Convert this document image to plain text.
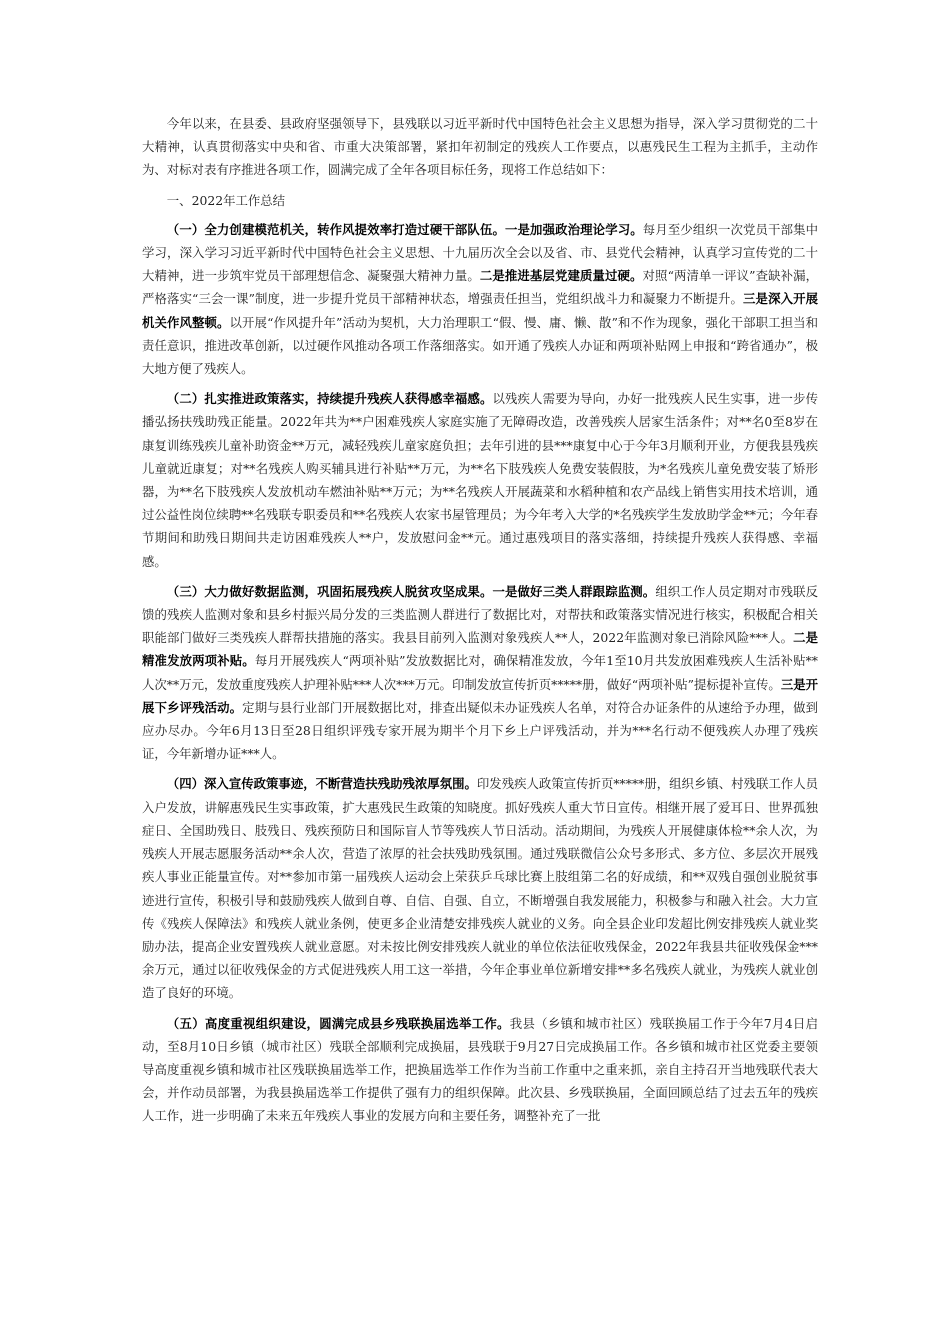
今年以来，在县委、县政府坚强领导下，县残联以习近平新时代中国特色社会主义思想为指导，深入学习贯彻党的二十大精神，认真贯彻落实中央和省、市重大决策部署，紧扣年初制定的残疾人工作要点，以惠残民生工程为主抓手，主动作为、对标对表有序推进各项工作，圆满完成了全年各项目标任务，现将工作总结如下：

一、2022年工作总结

（一）全力创建模范机关，转作风提效率打造过硬干部队伍。一是加强政治理论学习。每月至少组织一次党员干部集中学习，深入学习习近平新时代中国特色社会主义思想、十九届历次全会以及省、市、县党代会精神，认真学习宣传党的二十大精神，进一步筑牢党员干部理想信念、凝聚强大精神力量。二是推进基层党建质量过硬。对照“两清单一评议”查缺补漏，严格落实“三会一课”制度，进一步提升党员干部精神状态，增强责任担当，党组织战斗力和凝聚力不断提升。三是深入开展机关作风整顿。以开展“作风提升年”活动为契机，大力治理职工“假、慢、庸、懒、散”和不作为现象，强化干部职工担当和责任意识，推进改革创新，以过硬作风推动各项工作落细落实。如开通了残疾人办证和两项补贴网上申报和“跨省通办”，极大地方便了残疾人。

（二）扎实推进政策落实，持续提升残疾人获得感幸福感。以残疾人需要为导向，办好一批残疾人民生实事，进一步传播弘扬扶残助残正能量。2022年共为**户困难残疾人家庭实施了无障碍改造，改善残疾人居家生活条件；对**名0至8岁在康复训练残疾儿童补助资金**万元，减轻残疾儿童家庭负担；去年引进的县***康复中心于今年3月顺利开业，方便我县残疾儿童就近康复；对**名残疾人购买辅具进行补贴**万元，为**名下肢残疾人免费安装假肢，为*名残疾儿童免费安装了矫形器，为**名下肢残疾人发放机动车燃油补贴**万元；为**名残疾人开展蔬菜和水稻种植和农产品线上销售实用技术培训，通过公益性岗位续聘**名残联专职委员和**名残疾人农家书屋管理员；为今年考入大学的*名残疾学生发放助学金**元；今年春节期间和助残日期间共走访困难残疾人**户，发放慰问金**元。通过惠残项目的落实落细，持续提升残疾人获得感、幸福感。

（三）大力做好数据监测，巩固拓展残疾人脱贫攻坚成果。一是做好三类人群跟踪监测。组织工作人员定期对市残联反馈的残疾人监测对象和县乡村振兴局分发的三类监测人群进行了数据比对，对帮扶和政策落实情况进行核实，积极配合相关职能部门做好三类残疾人群帮扶措施的落实。我县目前列入监测对象残疾人**人，2022年监测对象已消除风险***人。二是精准发放两项补贴。每月开展残疾人“两项补贴”发放数据比对，确保精准发放，今年1至10月共发放困难残疾人生活补贴**人次**万元，发放重度残疾人护理补贴***人次***万元。印制发放宣传折页*****册，做好“两项补贴”提标提补宣传。三是开展下乡评残活动。定期与县行业部门开展数据比对，排查出疑似未办证残疾人名单，对符合办证条件的从速给予办理，做到应办尽办。今年6月13日至28日组织评残专家开展为期半个月下乡上户评残活动，并为***名行动不便残疾人办理了残疾证，今年新增办证***人。

（四）深入宣传政策事迹，不断营造扶残助残浓厚氛围。印发残疾人政策宣传折页*****册，组织乡镇、村残联工作人员入户发放，讲解惠残民生实事政策，扩大惠残民生政策的知晓度。抓好残疾人重大节日宣传。相继开展了爱耳日、世界孤独症日、全国助残日、肢残日、残疾预防日和国际盲人节等残疾人节日活动。活动期间，为残疾人开展健康体检**余人次，为残疾人开展志愿服务活动**余人次，营造了浓厚的社会扶残助残氛围。通过残联微信公众号多形式、多方位、多层次开展残疾人事业正能量宣传。对**参加市第一届残疾人运动会上荣获乒乓球比赛上肢组第二名的好成绩，和**双残自强创业脱贫事迹进行宣传，积极引导和鼓励残疾人做到自尊、自信、自强、自立，不断增强自我发展能力，积极参与和融入社会。大力宣传《残疾人保障法》和残疾人就业条例，使更多企业清楚安排残疾人就业的义务。向全县企业印发超比例安排残疾人就业奖励办法，提高企业安置残疾人就业意愿。对未按比例安排残疾人就业的单位依法征收残保金，2022年我县共征收残保金***余万元，通过以征收残保金的方式促进残疾人用工这一举措，今年企事业单位新增安排**多名残疾人就业，为残疾人就业创造了良好的环境。

（五）高度重视组织建设，圆满完成县乡残联换届选举工作。我县（乡镇和城市社区）残联换届工作于今年7月4日启动，至8月10日乡镇（城市社区）残联全部顺利完成换届，县残联于9月27日完成换届工作。各乡镇和城市社区党委主要领导高度重视乡镇和城市社区残联换届选举工作，把换届选举工作作为当前工作重中之重来抓，亲自主持召开当地残联代表大会，并作动员部署，为我县换届选举工作提供了强有力的组织保障。此次县、乡残联换届，全面回顾总结了过去五年的残疾人工作，进一步明确了未来五年残疾人事业的发展方向和主要任务，调整补充了一批
